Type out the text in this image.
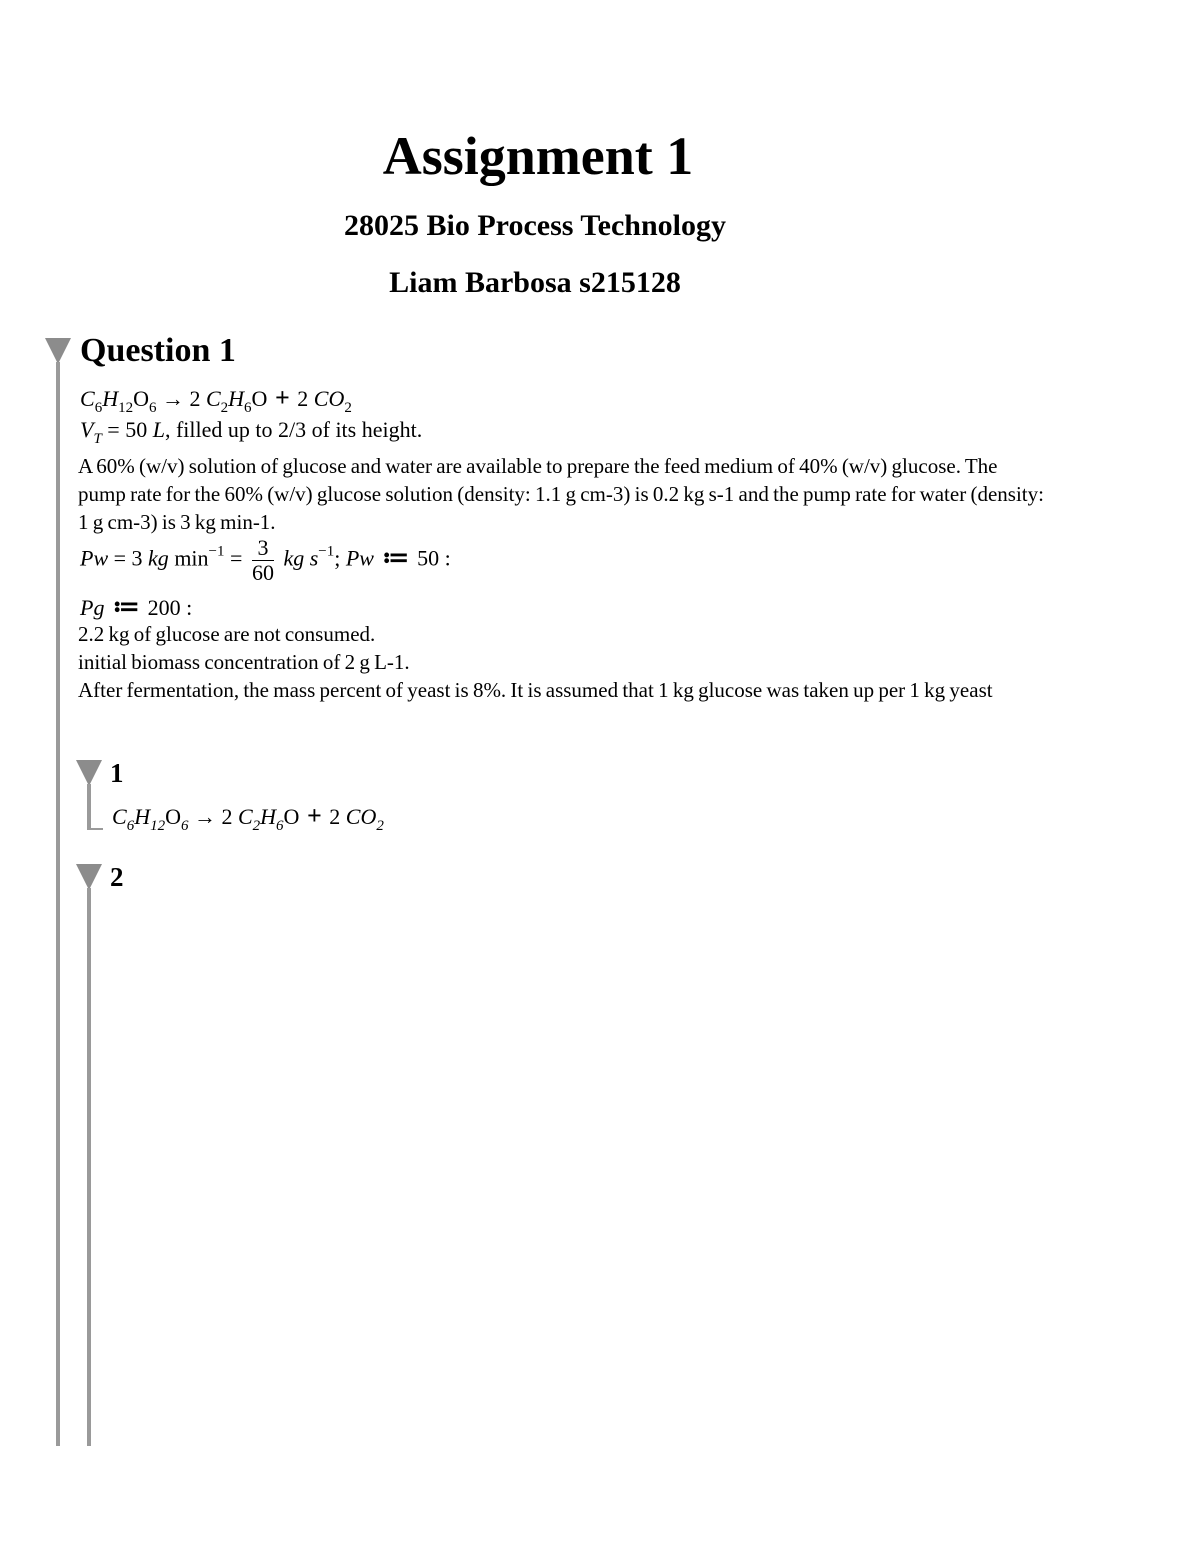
Assignment 1
28025 Bio Process Technology
Liam Barbosa s215128
Question 1
$C_6H_{12}O_6 \to 2$ $C_2H_6O + 2$ $CO_2$
$V_T = 50$ L, filled up to 2/3 of its height.

A 60% (w/v) solution of glucose and water are available to prepare the feed medium of 40% (w/v) glucose. The pump rate for the 60% (w/v) glucose solution (density: 1.1 g cm-3) is 0.2 kg s-1 and the pump rate for water (density: 1 g cm-3) is 3 kg min-1.

Pw = 3 kg $\min^{-1} = \frac{3}{60}$ kg $s^{-1}$; Pw ≔ 50 :
Pg ≔ 200 :

2.2 kg of glucose are not consumed.

initial biomass concentration of 2 g L-1.

After fermentation, the mass percent of yeast is 8%. It is assumed that 1 kg glucose was taken up per 1 kg yeast

1
$C_6H_{12}O_6 \to 2$ $C_2H_6O + 2$ $CO_2$
2
